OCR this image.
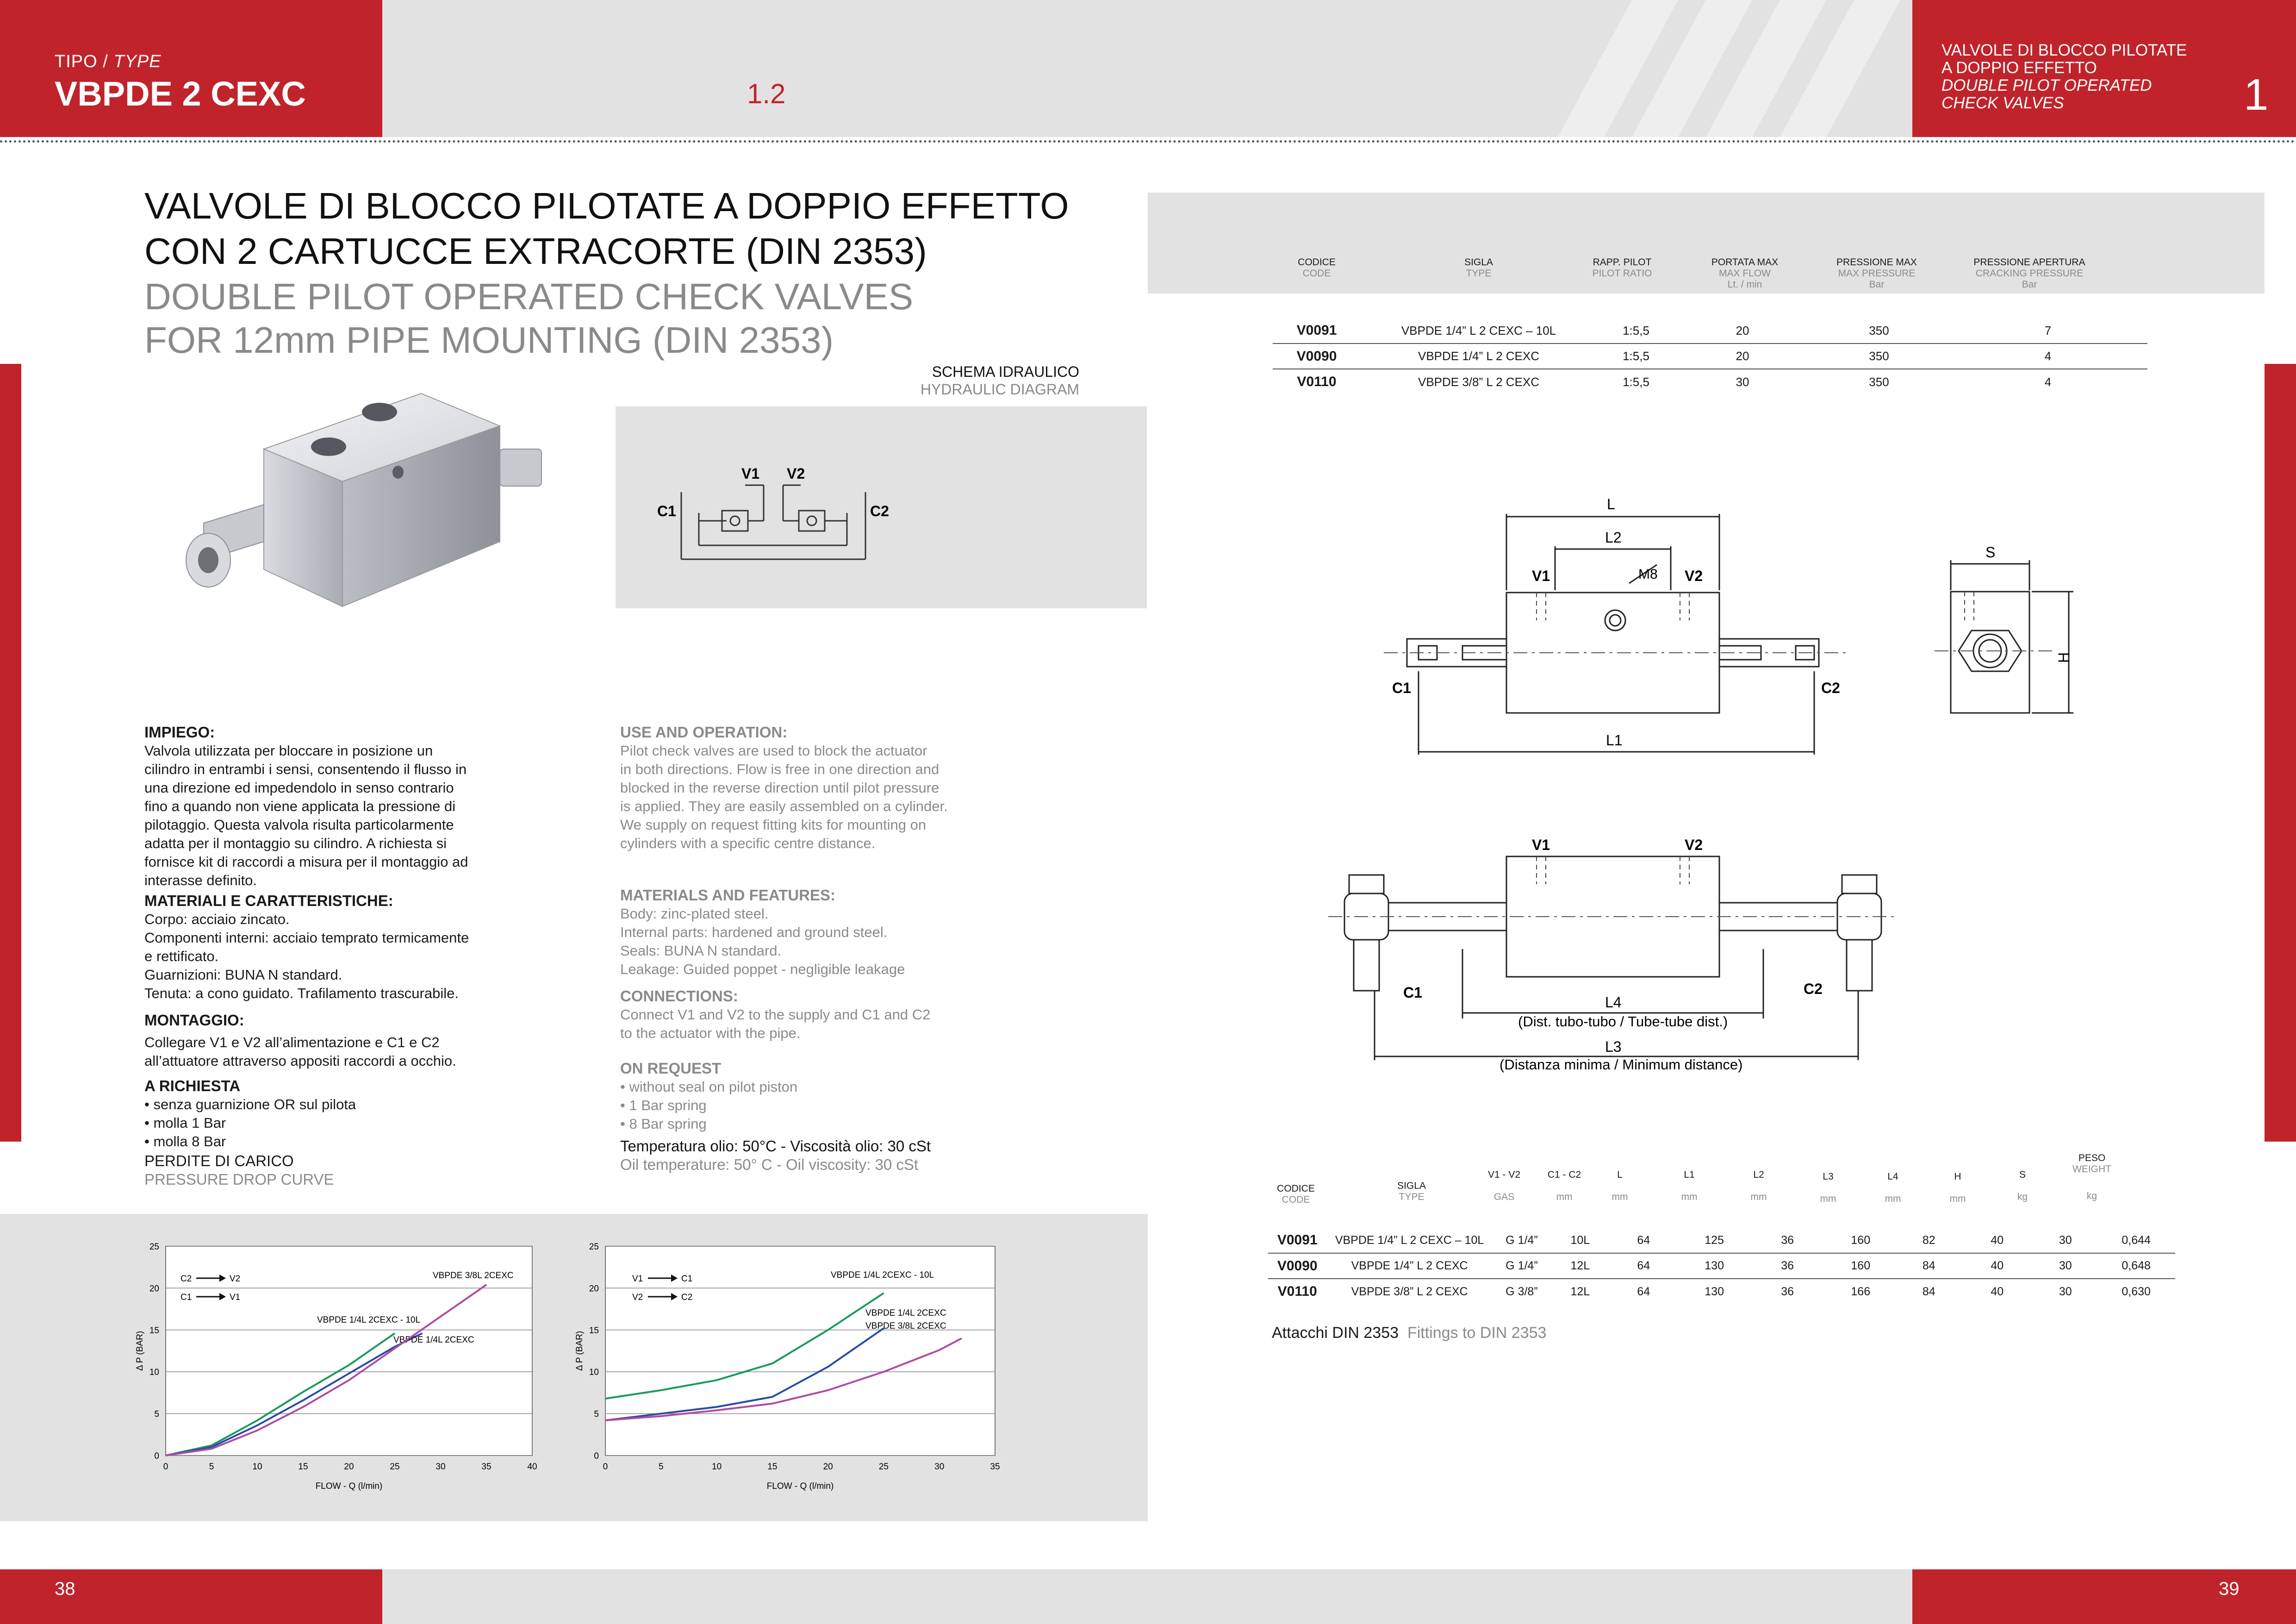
TIPO / TYPE
VBPDE 2 CEXC	1.2
VALVOLE DI BLOCCO PILOTATE
A DOPPIO EFFETTO
DOUBLE PILOT OPERATED
CHECK VALVES	1
VALVOLE DI BLOCCO PILOTATE A DOPPIO EFFETTO
CON 2 CARTUCCE EXTRACORTE (DIN 2353)
DOUBLE PILOT OPERATED CHECK VALVES
FOR 12mm PIPE MOUNTING (DIN 2353)
SCHEMA IDRAULICO
HYDRAULIC DIAGRAM
V1 V2
C1	C2
IMPIEGO:
Valvola utilizzata per bloccare in posizione un
cilindro in entrambi i sensi, consentendo il flusso in
una direzione ed impedendolo in senso contrario
fino a quando non viene applicata la pressione di
pilotaggio. Questa valvola risulta particolarmente
adatta per il montaggio su cilindro. A richiesta si
fornisce kit di raccordi a misura per il montaggio ad
interasse definito.
MATERIALI E CARATTERISTICHE:
Corpo: acciaio zincato.
Componenti interni: acciaio temprato termicamente
e rettificato.
Guarnizioni: BUNA N standard.
Tenuta: a cono guidato. Trafilamento trascurabile.
MONTAGGIO:
Collegare V1 e V2 all’alimentazione e C1 e C2
all’attuatore attraverso appositi raccordi a occhio.
A RICHIESTA
• senza guarnizione OR sul pilota
• molla 1 Bar
• molla 8 Bar
PERDITE DI CARICO
PRESSURE DROP CURVE
USE AND OPERATION:
Pilot check valves are used to block the actuator
in both directions. Flow is free in one direction and
blocked in the reverse direction until pilot pressure
is applied. They are easily assembled on a cylinder.
We supply on request fitting kits for mounting on
cylinders with a specific centre distance.
MATERIALS AND FEATURES:
Body: zinc-plated steel.
Internal parts: hardened and ground steel.
Seals: BUNA N standard.
Leakage: Guided poppet - negligible leakage
CONNECTIONS:
Connect V1 and V2 to the supply and C1 and C2
to the actuator with the pipe.
ON REQUEST
• without seal on pilot piston
• 1 Bar spring
• 8 Bar spring
Temperatura olio: 50°C - Viscosità olio: 30 cSt
Oil temperature: 50° C - Oil viscosity: 30 cSt
CODICE
CODE
SIGLA
TYPE
RAPP. PILOT
PILOT RATIO
PORTATA MAX
MAX FLOW
Lt. / min
PRESSIONE MAX
MAX PRESSURE
Bar
PRESSIONE APERTURA
CRACKING PRESSURE
Bar
V0091	VBPDE 1/4” L 2 CEXC – 10L	1:5,5	20	350	7
V0090	VBPDE 1/4” L 2 CEXC	1:5,5	20	350	4
V0110	VBPDE 3/8” L 2 CEXC	1:5,5	30	350	4
L
L2
M8
V1	V2
C1	C2
L1
S
H
V1	V2
C1	C2
L4
(Dist. tubo-tubo / Tube-tube dist.)
L3
(Distanza minima / Minimum distance)
0
5
10
15
20
25
0	5	10	15	20	25	30	35	40
FLOW - Q (l/min)
Δ P (BAR)
VBPDE 1/4L 2CEXC - 10L
VBPDE 1/4L 2CEXC
VBPDE 3/8L 2CEXC
C2	V2
C1	V1
0
5
10
15
20
25
0	5	10	15	20	25	30	35
FLOW - Q (l/min)
Δ P (BAR)
VBPDE 1/4L 2CEXC - 10L
VBPDE 1/4L 2CEXC
VBPDE 3/8L 2CEXC
V1	C1
V2	C2
CODICE
CODE
SIGLA
TYPE
V1 - V2
GAS
C1 - C2
mm
L
mm
L1
mm
L2
mm
L3
mm
L4
mm
H
mm
S
kg
PESO
WEIGHT
kg
V0091	VBPDE 1/4” L 2 CEXC – 10L	G 1/4”	10L	64	125	36	160	82	40	30	0,644
V0090	VBPDE 1/4” L 2 CEXC	G 1/4”	12L	64	130	36	160	84	40	30	0,648
V0110	VBPDE 3/8” L 2 CEXC	G 3/8”	12L	64	130	36	166	84	40	30	0,630
Attacchi DIN 2353 Fittings to DIN 2353
38	39
